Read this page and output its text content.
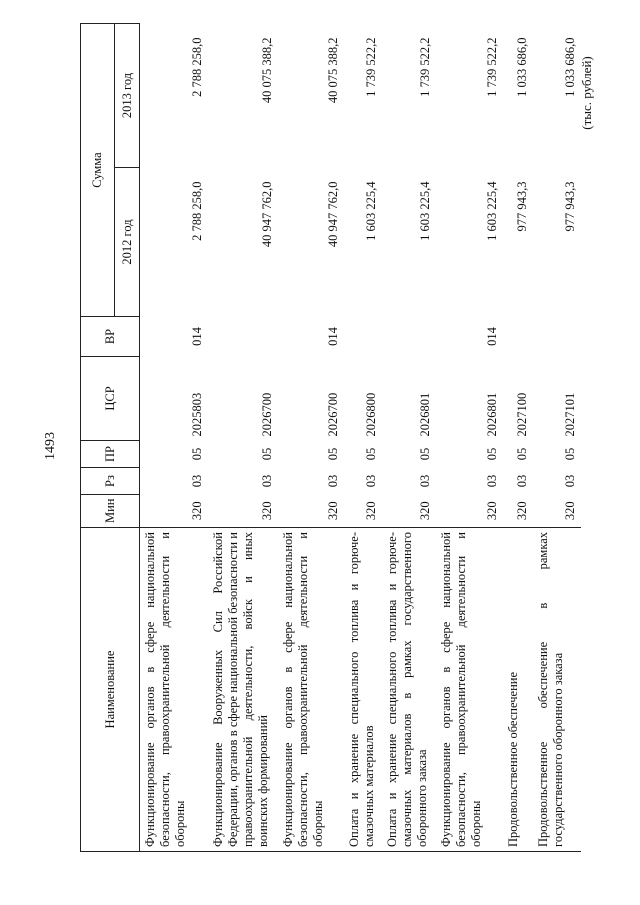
1493
(тыс. рублей)
Наименование	Мин	Рз	ПР	ЦСР	ВР	Сумма	
						2012 год	2013 год
Функционирование органов в сфере национальной безопасности, правоохранительной деятельности и обороны	320	03	05	2025803	014	2 788 258,0	2 788 258,0
Функционирование Вооруженных Сил Российской Федерации, органов в сфере национальной безопасности и правоохранительной деятельности, войск и иных воинских формирований	320	03	05	2026700		40 947 762,0	40 075 388,2
Функционирование органов в сфере национальной безопасности, правоохранительной деятельности и обороны	320	03	05	2026700	014	40 947 762,0	40 075 388,2
Оплата и хранение специального топлива и горюче-смазочных материалов	320	03	05	2026800		1 603 225,4	1 739 522,2
Оплата и хранение специального топлива и горюче-смазочных материалов в рамках государственного оборонного заказа	320	03	05	2026801		1 603 225,4	1 739 522,2
Функционирование органов в сфере национальной безопасности, правоохранительной деятельности и обороны	320	03	05	2026801	014	1 603 225,4	1 739 522,2
Продовольственное обеспечение	320	03	05	2027100		977 943,3	1 033 686,0
Продовольственное обеспечение в рамках государственного оборонного заказа	320	03	05	2027101		977 943,3	1 033 686,0
